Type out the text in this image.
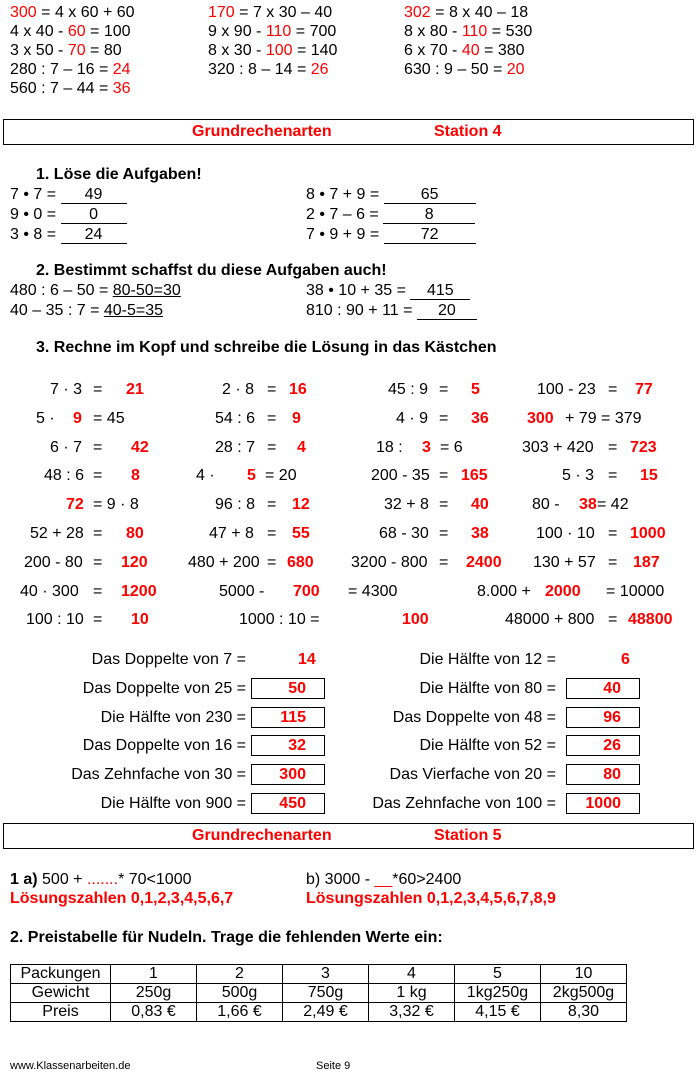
300 = 4 x 60 + 60
4 x 40 - 60 = 100
3 x 50 - 70 = 80
280 : 7 – 16 = 24
560 : 7 – 44 = 36
170 = 7 x 30 – 40
9 x 90 - 110 = 700
8 x 30 - 100 = 140
320 : 8 – 14 = 26
302 = 8 x 40 – 18
8 x 80 - 110 = 530
6 x 70 - 40 = 380
630 : 9 – 50 = 20
Grundrechenarten	Station 4
1. Löse die Aufgaben!
7 • 7 = 49
9 • 0 = 0
3 • 8 = 24
8 • 7 + 9 = 65
2 • 7 – 6 =	8
7 • 9 + 9 = 72
2. Bestimmt schaffst du diese Aufgaben auch!
480 : 6 – 50 = 80-50=30
40 – 35 : 7 = 40-5=35
38 • 10 + 35 = 415
810 : 90 + 11 = 20
3. Rechne im Kopf und schreibe die Lösung in das Kästchen
7 · 3 = 21	2 · 8 = 16	45 : 9 = 5	100 - 23 = 77
5 · 9 = 45	54 : 6 = 9	4 · 9 = 36 300 + 79 = 379
6 · 7 = 42	28 : 7 = 4	18 : 3 = 6	303 + 420 = 723
48 : 6 = 8	4 · 5 = 20	200 - 35 = 165	5 · 3 = 15
72 = 9 · 8	96 : 8 = 12	32 + 8 = 40	80 - 38 = 42
52 + 28 = 80	47 + 8 = 55	68 - 30 = 38	100 · 10 = 1000
200 - 80 = 120	480 + 200 = 680 3200 - 800 = 2400 130 + 57 = 187
40 · 300 = 1200	5000 - 700 = 4300	8.000 + 2000 = 10000
100 : 10 = 10	1000 : 10 =	100	48000 + 800 = 48800
Das Doppelte von 7 =	14
Das Doppelte von 25 =	50
Die Hälfte von 230 =	115
Das Doppelte von 16 =	32
Das Zehnfache von 30 =	300
Die Hälfte von 900 =	450
Die Hälfte von 12 =	6
Die Hälfte von 80 =	40
Das Doppelte von 48 =	96
Die Hälfte von 52 =	26
Das Vierfache von 20 =	80
Das Zehnfache von 100 =	1000
Grundrechenarten	Station 5
1 a) 500 + .......* 70<1000
Lösungszahlen 0,1,2,3,4,5,6,7
b) 3000 - __*60>2400
Lösungszahlen 0,1,2,3,4,5,6,7,8,9
2. Preistabelle für Nudeln. Trage die fehlenden Werte ein:
Packungen	1	2	3	4	5	10
Gewicht	250g	500g	750g	1 kg	1kg250g	2kg500g
Preis	0,83 €	1,66 €	2,49 €	3,32 €	4,15 €	8,30
www.Klassenarbeiten.de	Seite 9
